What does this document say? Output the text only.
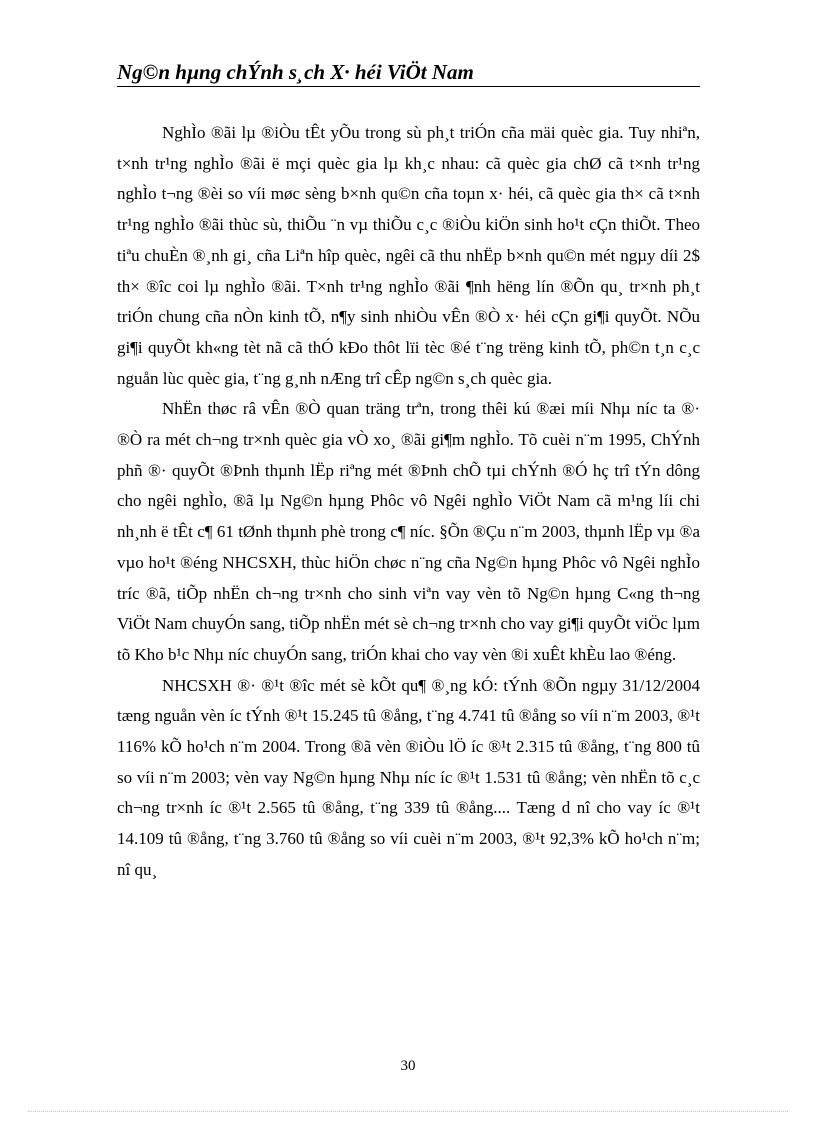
Ng©n hµng chÝnh s¸ch X· héi ViÖt Nam

NghÌo ®ãi lµ ®iÒu tÊt yÕu trong sù ph¸t triÓn cña mäi quèc gia. Tuy nhiªn, t×nh tr¹ng nghÌo ®ãi ë mçi quèc gia lµ kh¸c nhau: cã quèc gia chØ cã t×nh tr¹ng nghÌo t¬ng ®èi so víi møc sèng b×nh qu©n cña toµn x· héi, cã quèc gia th× cã t×nh tr¹ng nghÌo ®ãi thùc sù, thiÕu ¨n vµ thiÕu c¸c ®iÒu kiÖn sinh ho¹t cÇn thiÕt. Theo tiªu chuÈn ®¸nh gi¸ cña Liªn hîp quèc, ngêi cã thu nhËp b×nh qu©n mét ngµy díi 2$ th× ®îc coi lµ nghÌo ®ãi. T×nh tr¹ng nghÌo ®ãi ¶nh hëng lín ®Õn qu¸ tr×nh ph¸t triÓn chung cña nÒn kinh tÕ, n¶y sinh nhiÒu vÊn ®Ò x· héi cÇn gi¶i quyÕt. NÕu gi¶i quyÕt kh«ng tèt nã cã thÓ kÐo thôt lïi tèc ®é t¨ng trëng kinh tÕ, ph©n t¸n c¸c nguån lùc quèc gia, t¨ng g¸nh nÆng trî cÊp ng©n s¸ch quèc gia.

NhËn thøc râ vÊn ®Ò quan träng trªn, trong thêi kú ®æi míi Nhµ níc ta ®· ®Ò ra mét ch¬ng tr×nh quèc gia vÒ xo¸ ®ãi gi¶m nghÌo. Tõ cuèi n¨m 1995, ChÝnh phñ ®· quyÕt ®Þnh thµnh lËp riªng mét ®Þnh chÕ tµi chÝnh ®Ó hç trî tÝn dông cho ngêi nghÌo, ®ã lµ Ng©n hµng Phôc vô Ngêi nghÌo ViÖt Nam cã m¹ng líi chi nh¸nh ë tÊt c¶ 61 tØnh thµnh phè trong c¶ níc. §Õn ®Çu n¨m 2003, thµnh lËp vµ ®a vµo ho¹t ®éng NHCSXH, thùc hiÖn chøc n¨ng cña Ng©n hµng Phôc vô Ngêi nghÌo tríc ®ã, tiÕp nhËn ch¬ng tr×nh cho sinh viªn vay vèn tõ Ng©n hµng C«ng th¬ng ViÖt Nam chuyÓn sang, tiÕp nhËn mét sè ch¬ng tr×nh cho vay gi¶i quyÕt viÖc lµm tõ Kho b¹c Nhµ níc chuyÓn sang, triÓn khai cho vay vèn ®i xuÊt khÈu lao ®éng.

NHCSXH ®· ®¹t ®îc mét sè kÕt qu¶ ®¸ng kÓ: tÝnh ®Õn ngµy 31/12/2004 tæng nguån vèn íc tÝnh ®¹t 15.245 tû ®ång, t¨ng 4.741 tû ®ång so víi n¨m 2003, ®¹t 116% kÕ ho¹ch n¨m 2004. Trong ®ã vèn ®iÒu lÖ íc ®¹t 2.315 tû ®ång, t¨ng 800 tû so víi n¨m 2003; vèn vay Ng©n hµng Nhµ níc íc ®¹t 1.531 tû ®ång; vèn nhËn tõ c¸c ch¬ng tr×nh íc ®¹t 2.565 tû ®ång, t¨ng 339 tû ®ång.... Tæng d nî cho vay íc ®¹t 14.109 tû ®ång, t¨ng 3.760 tû ®ång so víi cuèi n¨m 2003, ®¹t 92,3% kÕ ho¹ch n¨m; nî qu¸

30
